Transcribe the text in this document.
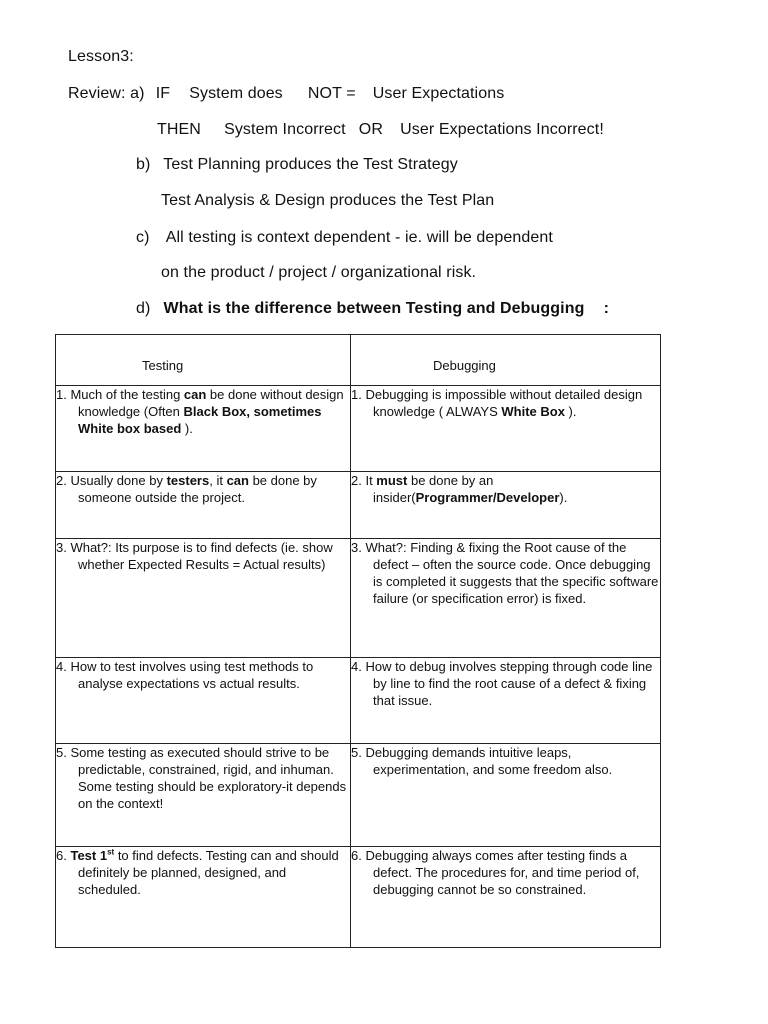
Lesson3:
Review: a) IF System does NOT = User Expectations
THEN System Incorrect OR User Expectations Incorrect!
b) Test Planning produces the Test Strategy
Test Analysis & Design produces the Test Plan
c) All testing is context dependent - ie. will be dependent
on the product / project / organizational risk.
d) What is the difference between Testing and Debugging :
Testing	Debugging

1. Much of the testing can be done without design knowledge (Often Black Box, sometimes White box based ).	1. Debugging is impossible without detailed design knowledge ( ALWAYS White Box ).

2. Usually done by testers, it can be done by someone outside the project.	2. It must be done by an insider(Programmer/Developer).

3. What?: Its purpose is to find defects (ie. show whether Expected Results = Actual results)	3. What?: Finding & fixing the Root cause of the defect – often the source code. Once debugging is completed it suggests that the specific software failure (or specification error) is fixed.

4. How to test involves using test methods to analyse expectations vs actual results.	4. How to debug involves stepping through code line by line to find the root cause of a defect & fixing that issue.

5. Some testing as executed should strive to be predictable, constrained, rigid, and inhuman. Some testing should be exploratory-it depends on the context!	5. Debugging demands intuitive leaps, experimentation, and some freedom also.

6. Test 1st to find defects. Testing can and should definitely be planned, designed, and scheduled.	6. Debugging always comes after testing finds a defect. The procedures for, and time period of, debugging cannot be so constrained.
